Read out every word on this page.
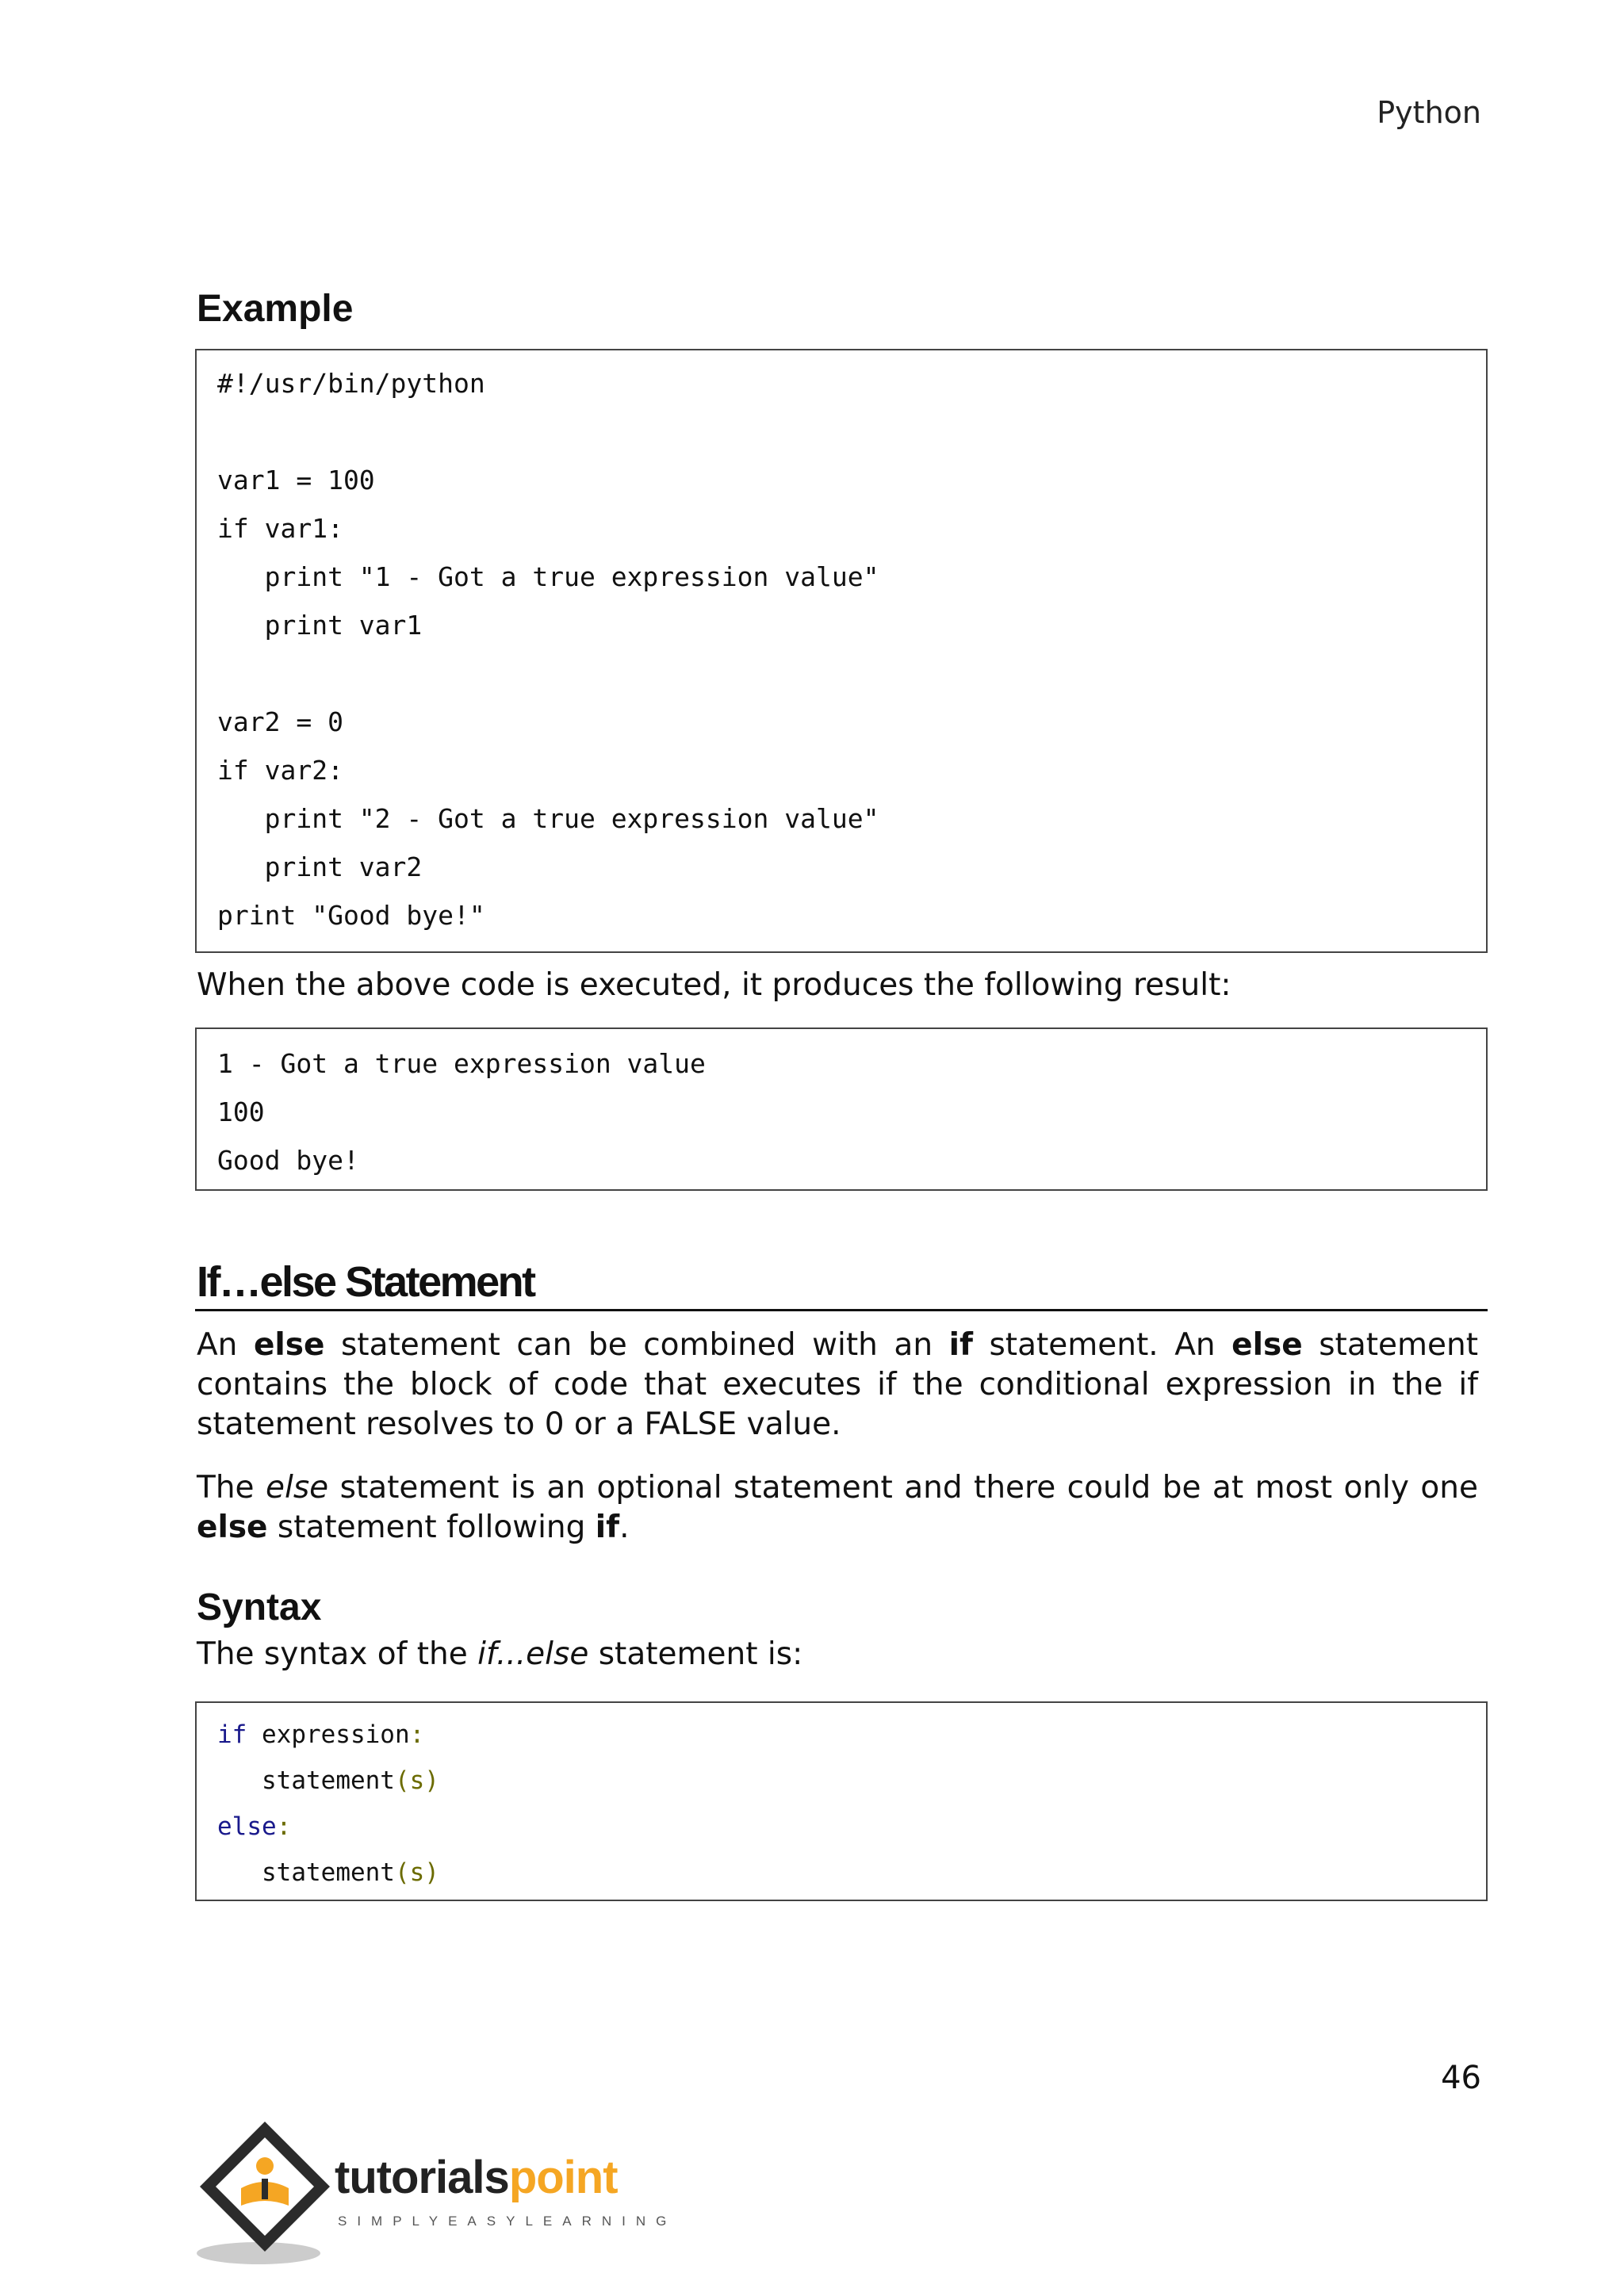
Python
Example
#!/usr/bin/python
var1 = 100
if var1:
print "1 - Got a true expression value"
print var1
var2 = 0
if var2:
print "2 - Got a true expression value"
print var2
print "Good bye!"
When the above code is executed, it produces the following result:
1 - Got a true expression value
100
Good bye!
If…else Statement
An else statement can be combined with an if statement. An else statement contains the block of code that executes if the conditional expression in the if statement resolves to 0 or a FALSE value.
The else statement is an optional statement and there could be at most only one else statement following if.
Syntax
The syntax of the if...else statement is:
if expression:
statement(s)
else:
statement(s)
46
tutorialspoint
SIMPLYEASYLEARNING
